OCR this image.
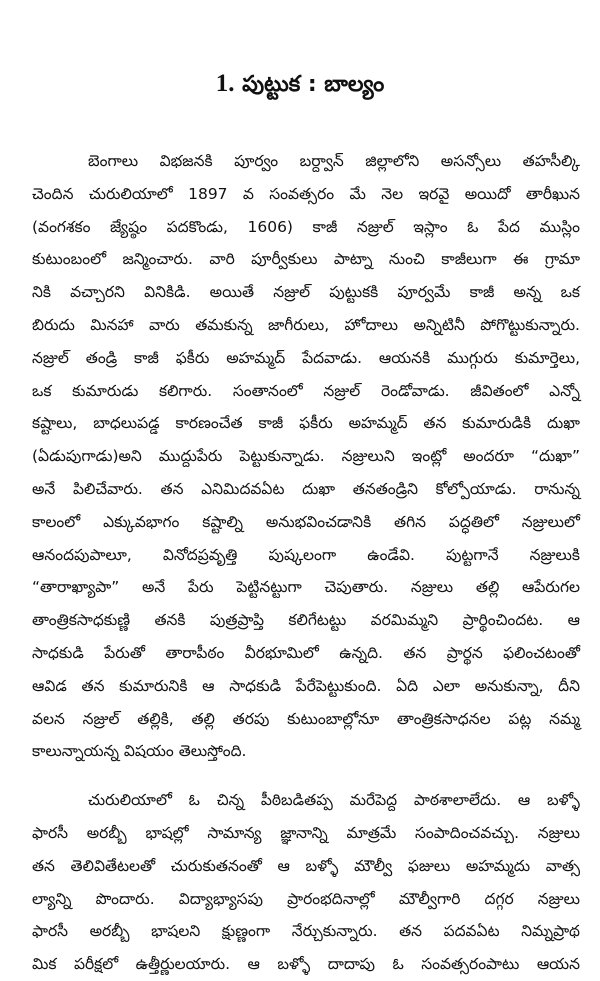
1. పుట్టుక : బాల్యం

బెంగాలు విభజనకి పూర్వం బర్ద్వాన్ జిల్లాలోని అసన్సోలు తహసీల్కి
చెందిన చురులియాలో 1897 వ సంవత్సరం మే నెల ఇరవై అయిదో తారీఖున
(వంగశకం జ్యేష్ఠం పదకొండు, 1606) కాజీ నజ్రుల్ ఇస్లాం ఓ పేద ముస్లిం
కుటుంబంలో జన్మించారు. వారి పూర్వీకులు పాట్నా నుంచి కాజీలుగా ఈ గ్రామా
నికి వచ్చారని వినికిడి. అయితే నజ్రుల్ పుట్టుకకి పూర్వమే కాజీ అన్న ఒక
బిరుదు మినహా వారు తమకున్న జాగీరులు, హోదాలు అన్నిటినీ పోగొట్టుకున్నారు.
నజ్రుల్ తండ్రి కాజీ ఫకీరు అహమ్మద్ పేదవాడు. ఆయనకి ముగ్గురు కుమార్తెలు,
ఒక కుమారుడు కలిగారు. సంతానంలో నజ్రుల్ రెండోవాడు. జీవితంలో ఎన్నో
కష్టాలు, బాధలుపడ్డ కారణంచేత కాజీ ఫకీరు అహమ్మద్ తన కుమారుడికి దుఖా
(ఏడుపుగాడు)అని ముద్దుపేరు పెట్టుకున్నాడు. నజ్రులుని ఇంట్లో అందరూ “దుఖా”
అనే పిలిచేవారు. తన ఎనిమిదవఏట దుఖా తనతండ్రిని కోల్పోయాడు. రానున్న
కాలంలో ఎక్కువభాగం కష్టాల్ని అనుభవించడానికి తగిన పద్ధతిలో నజ్రులులో
ఆనందపుపాలూ, వినోదప్రవృత్తి పుష్కలంగా ఉండేవి. పుట్టగానే నజ్రులుకి
“తారాఖ్యాపా” అనే పేరు పెట్టినట్టుగా చెపుతారు. నజ్రులు తల్లి ఆపేరుగల
తాంత్రికసాధకుణ్ణి తనకి పుత్రప్రాప్తి కలిగేటట్టు వరమిమ్మని ప్రార్థించిందట. ఆ
సాధకుడి పేరుతో తారాపీఠం వీరభూమిలో ఉన్నది. తన ప్రార్థన ఫలించటంతో
ఆవిడ తన కుమారునికి ఆ సాధకుడి పేరేపెట్టుకుంది. ఏది ఎలా అనుకున్నా, దీని
వలన నజ్రుల్ తల్లికి, తల్లి తరపు కుటుంబాల్లోనూ తాంత్రికసాధనల పట్ల నమ్మ
కాలున్నాయన్న విషయం తెలుస్తోంది.

చురులియాలో ఓ చిన్న పీఠిబడితప్ప మరేపెద్ద పాఠశాలాలేదు. ఆ బళ్ళో
ఫారసీ అరబ్బీ భాషల్లో సామాన్య జ్ఞానాన్ని మాత్రమే సంపాదించవచ్చు. నజ్రులు
తన తెలివితేటలతో చురుకుతనంతో ఆ బళ్ళో మౌల్వీ ఫజులు అహమ్మదు వాత్స
ల్యాన్ని పొందారు. విద్యాభ్యాసపు ప్రారంభదినాల్లో మౌల్వీగారి దగ్గర నజ్రులు
ఫారసీ అరబ్బీ భాషలని క్షుణ్ణంగా నేర్చుకున్నారు. తన పదవఏట నిమ్నప్రాథ
మిక పరీక్షలో ఉత్తీర్ణులయారు. ఆ బళ్ళో దాదాపు ఓ సంవత్సరంపాటు ఆయన
